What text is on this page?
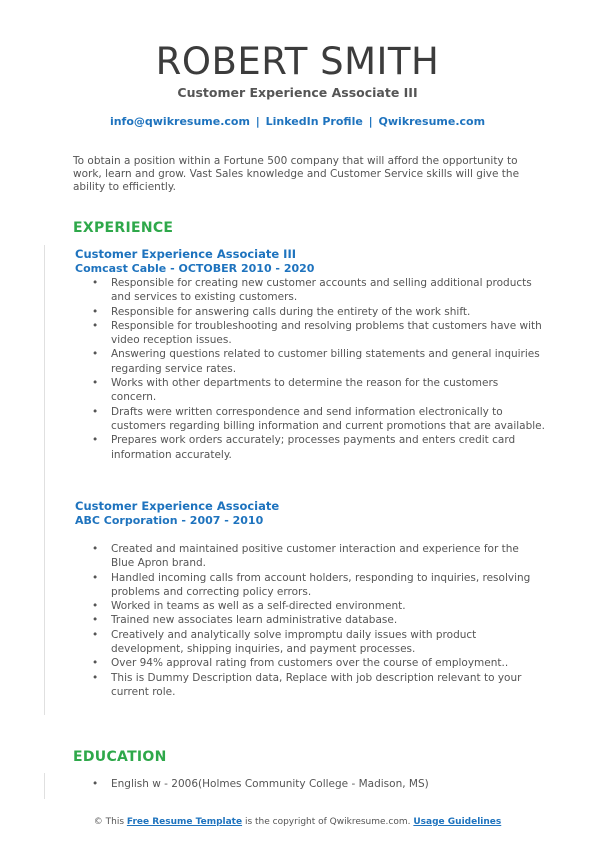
ROBERT SMITH
Customer Experience Associate III
info@qwikresume.com | LinkedIn Profile | Qwikresume.com
To obtain a position within a Fortune 500 company that will afford the opportunity to work, learn and grow. Vast Sales knowledge and Customer Service skills will give the ability to efficiently.
EXPERIENCE
Customer Experience Associate III
Comcast Cable - OCTOBER 2010 - 2020
• Responsible for creating new customer accounts and selling additional products and services to existing customers.
• Responsible for answering calls during the entirety of the work shift.
• Responsible for troubleshooting and resolving problems that customers have with video reception issues.
• Answering questions related to customer billing statements and general inquiries regarding service rates.
• Works with other departments to determine the reason for the customers concern.
• Drafts were written correspondence and send information electronically to customers regarding billing information and current promotions that are available.
• Prepares work orders accurately; processes payments and enters credit card information accurately.
Customer Experience Associate
ABC Corporation - 2007 - 2010
• Created and maintained positive customer interaction and experience for the Blue Apron brand.
• Handled incoming calls from account holders, responding to inquiries, resolving problems and correcting policy errors.
• Worked in teams as well as a self-directed environment.
• Trained new associates learn administrative database.
• Creatively and analytically solve impromptu daily issues with product development, shipping inquiries, and payment processes.
• Over 94% approval rating from customers over the course of employment..
• This is Dummy Description data, Replace with job description relevant to your current role.
EDUCATION
• English w - 2006(Holmes Community College - Madison, MS)
© This Free Resume Template is the copyright of Qwikresume.com. Usage Guidelines
